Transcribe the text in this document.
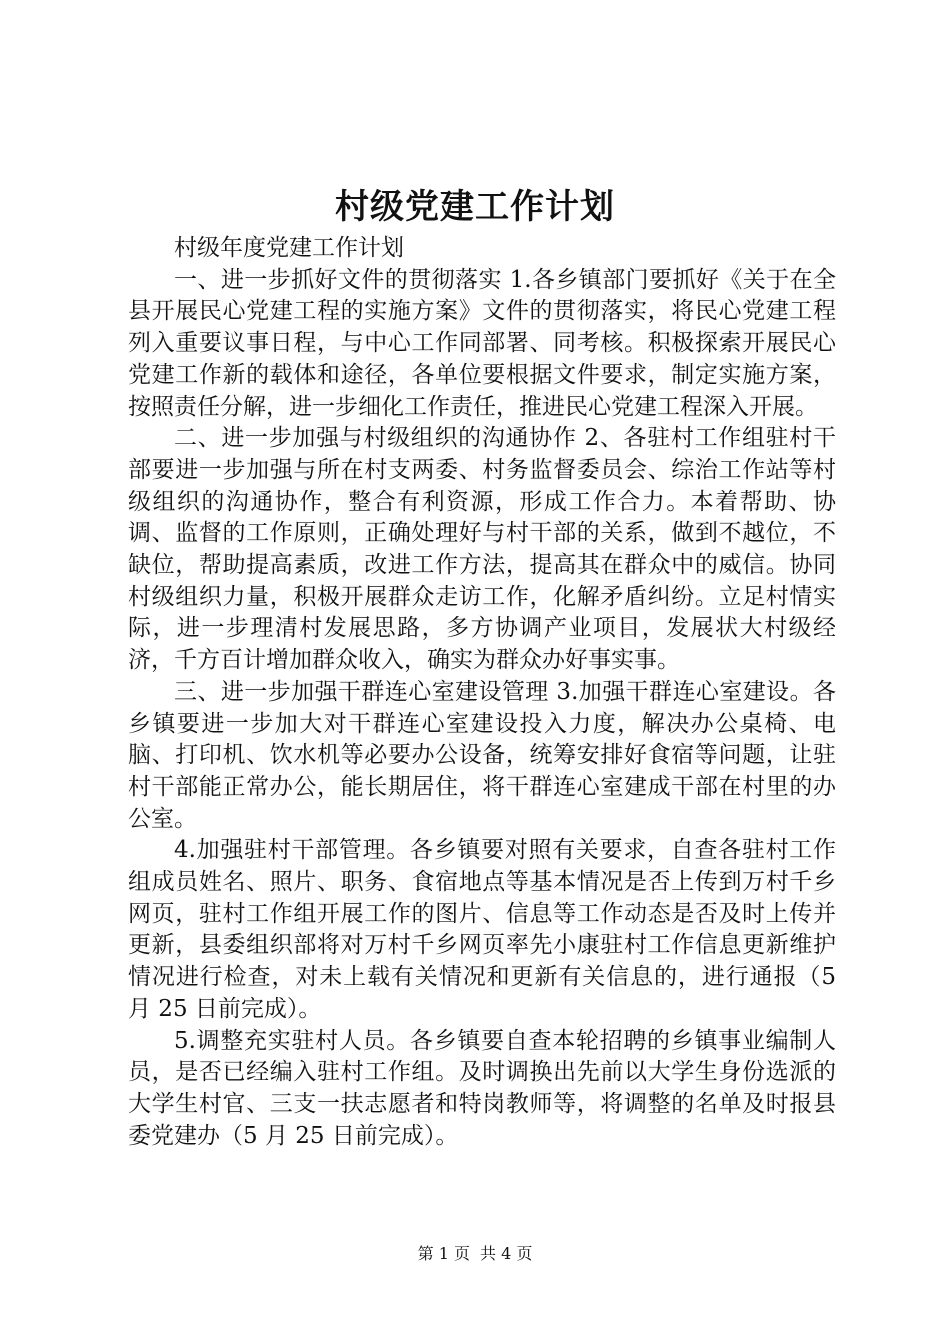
村级党建工作计划

村级年度党建工作计划

一、进一步抓好文件的贯彻落实 1.各乡镇部门要抓好《关于在全县开展民心党建工程的实施方案》文件的贯彻落实，将民心党建工程列入重要议事日程，与中心工作同部署、同考核。积极探索开展民心党建工作新的载体和途径，各单位要根据文件要求，制定实施方案，按照责任分解，进一步细化工作责任，推进民心党建工程深入开展。

二、进一步加强与村级组织的沟通协作 2、各驻村工作组驻村干部要进一步加强与所在村支两委、村务监督委员会、综治工作站等村级组织的沟通协作，整合有利资源，形成工作合力。本着帮助、协调、监督的工作原则，正确处理好与村干部的关系，做到不越位，不缺位，帮助提高素质，改进工作方法，提高其在群众中的威信。协同村级组织力量，积极开展群众走访工作，化解矛盾纠纷。立足村情实际，进一步理清村发展思路，多方协调产业项目，发展状大村级经济，千方百计增加群众收入，确实为群众办好事实事。

三、进一步加强干群连心室建设管理 3.加强干群连心室建设。各乡镇要进一步加大对干群连心室建设投入力度，解决办公桌椅、电脑、打印机、饮水机等必要办公设备，统筹安排好食宿等问题，让驻村干部能正常办公，能长期居住，将干群连心室建成干部在村里的办公室。

4.加强驻村干部管理。各乡镇要对照有关要求，自查各驻村工作组成员姓名、照片、职务、食宿地点等基本情况是否上传到万村千乡网页，驻村工作组开展工作的图片、信息等工作动态是否及时上传并更新，县委组织部将对万村千乡网页率先小康驻村工作信息更新维护情况进行检查，对未上载有关情况和更新有关信息的，进行通报（5 月 25 日前完成）。

5.调整充实驻村人员。各乡镇要自查本轮招聘的乡镇事业编制人员，是否已经编入驻村工作组。及时调换出先前以大学生身份选派的大学生村官、三支一扶志愿者和特岗教师等，将调整的名单及时报县委党建办（5 月 25 日前完成）。

第 1 页 共 4 页
